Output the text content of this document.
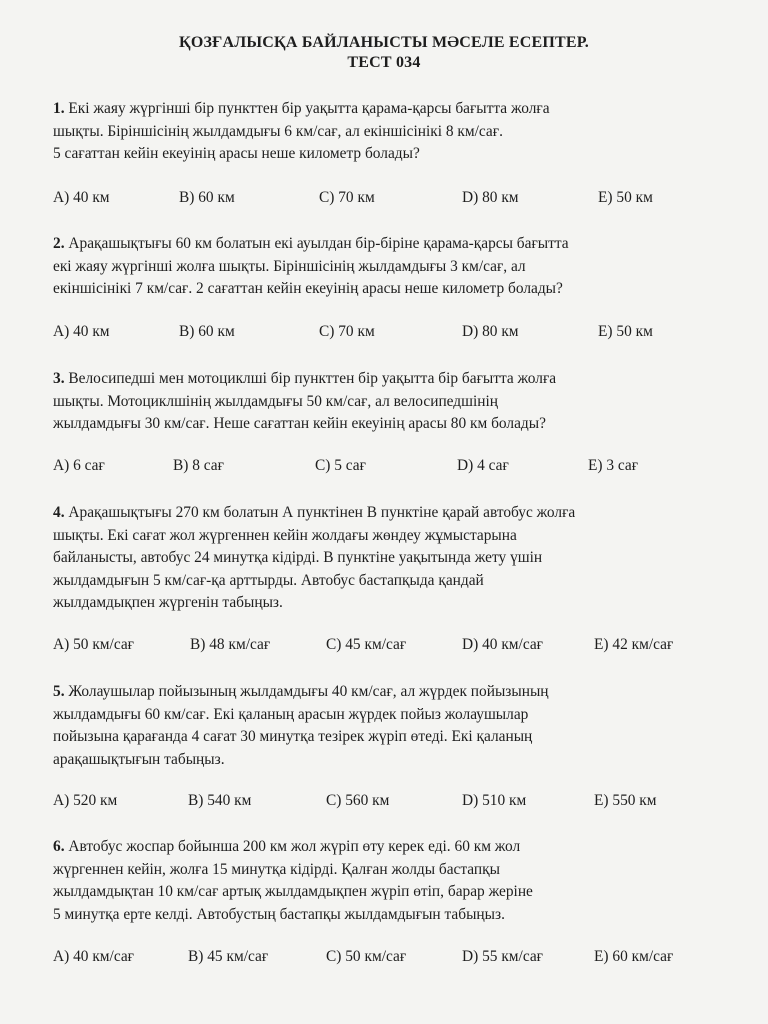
ҚОЗҒАЛЫСҚА БАЙЛАНЫСТЫ МӘСЕЛЕ ЕСЕПТЕР.
ТЕСТ 034
1. Екі жаяу жүргінші бір пункттен бір уақытта қарама-қарсы бағытта жолға
шықты. Біріншісінің жылдамдығы 6 км/сағ, ал екіншісінікі 8 км/сағ.
5 сағаттан кейін екеуінің арасы неше километр болады?
А) 40 км	В) 60 км	С) 70 км	D) 80 км	Е) 50 км
2. Арақашықтығы 60 км болатын екі ауылдан бір-біріне қарама-қарсы бағытта
екі жаяу жүргінші жолға шықты. Біріншісінің жылдамдығы 3 км/сағ, ал
екіншісінікі 7 км/сағ. 2 сағаттан кейін екеуінің арасы неше километр болады?
А) 40 км	В) 60 км	С) 70 км	D) 80 км	Е) 50 км
3. Велосипедші мен мотоциклші бір пункттен бір уақытта бір бағытта жолға
шықты. Мотоциклшінің жылдамдығы 50 км/сағ, ал велосипедшінің
жылдамдығы 30 км/сағ. Неше сағаттан кейін екеуінің арасы 80 км болады?
А) 6 сағ	В) 8 сағ	С) 5 сағ	D) 4 сағ	Е) 3 сағ
4. Арақашықтығы 270 км болатын А пунктінен В пунктіне қарай автобус жолға
шықты. Екі сағат жол жүргеннен кейін жолдағы жөндеу жұмыстарына
байланысты, автобус 24 минутқа кідірді. В пунктіне уақытында жету үшін
жылдамдығын 5 км/сағ-қа арттырды. Автобус бастапқыда қандай
жылдамдықпен жүргенін табыңыз.
А) 50 км/сағ	В) 48 км/сағ	С) 45 км/сағ	D) 40 км/сағ	Е) 42 км/сағ
5. Жолаушылар пойызының жылдамдығы 40 км/сағ, ал жүрдек пойызының
жылдамдығы 60 км/сағ. Екі қаланың арасын жүрдек пойыз жолаушылар
пойызына қарағанда 4 сағат 30 минутқа тезірек жүріп өтеді. Екі қаланың
арақашықтығын табыңыз.
А) 520 км	В) 540 км	С) 560 км	D) 510 км	Е) 550 км
6. Автобус жоспар бойынша 200 км жол жүріп өту керек еді. 60 км жол
жүргеннен кейін, жолға 15 минутқа кідірді. Қалған жолды бастапқы
жылдамдықтан 10 км/сағ артық жылдамдықпен жүріп өтіп, барар жеріне
5 минутқа ерте келді. Автобустың бастапқы жылдамдығын табыңыз.
А) 40 км/сағ	В) 45 км/сағ	С) 50 км/сағ	D) 55 км/сағ	Е) 60 км/сағ
